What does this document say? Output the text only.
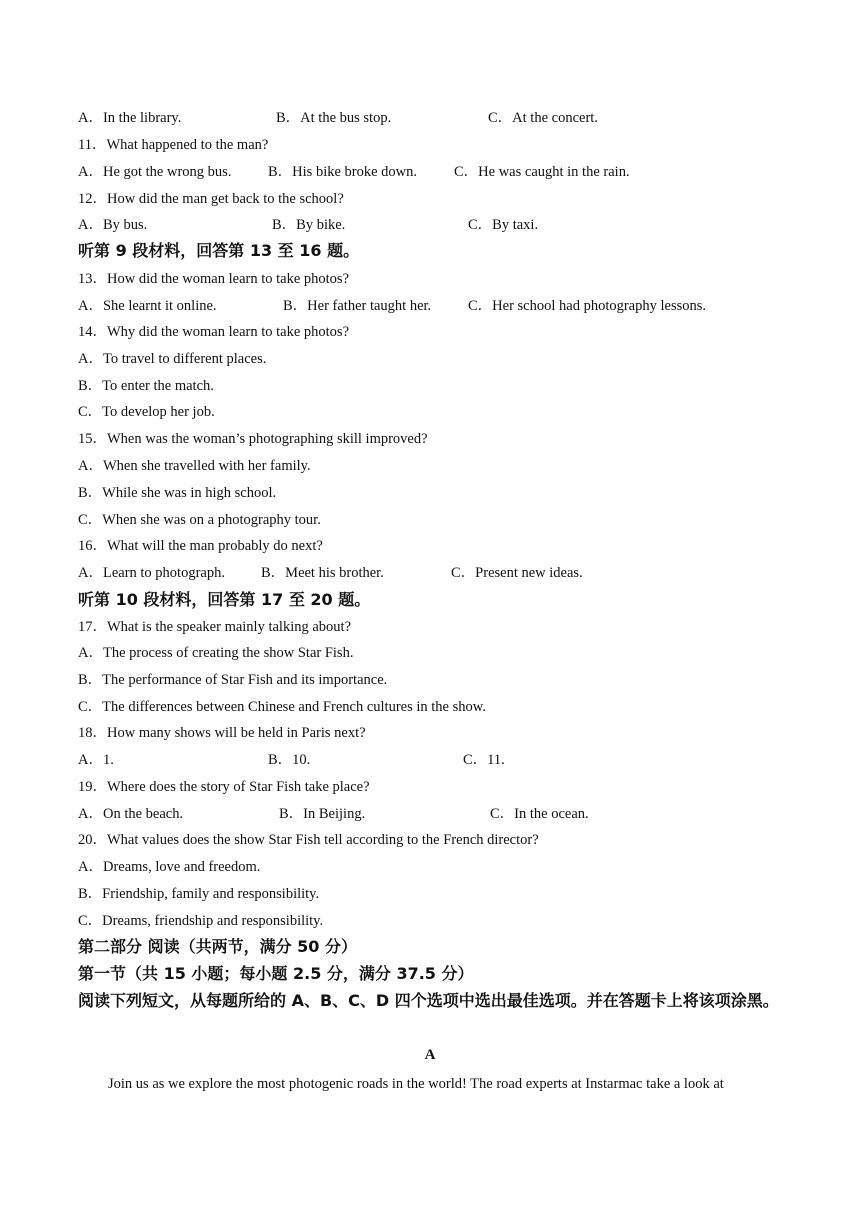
A．In the library.	B．At the bus stop.	C．At the concert.
11．What happened to the man?
A．He got the wrong bus.	B．His bike broke down.	C．He was caught in the rain.
12．How did the man get back to the school?
A．By bus.	B．By bike.	C．By taxi.
听第 9 段材料，回答第 13 至 16 题。
13．How did the woman learn to take photos?
A．She learnt it online.	B．Her father taught her.	C．Her school had photography lessons.
14．Why did the woman learn to take photos?
A．To travel to different places.
B．To enter the match.
C．To develop her job.
15．When was the woman’s photographing skill improved?
A．When she travelled with her family.
B．While she was in high school.
C．When she was on a photography tour.
16．What will the man probably do next?
A．Learn to photograph. B．Meet his brother.	C．Present new ideas.
听第 10 段材料，回答第 17 至 20 题。
17．What is the speaker mainly talking about?
A．The process of creating the show Star Fish.
B．The performance of Star Fish and its importance.
C．The differences between Chinese and French cultures in the show.
18．How many shows will be held in Paris next?
A．1.	B．10.	C．11.
19．Where does the story of Star Fish take place?
A．On the beach.	B．In Beijing.	C．In the ocean.
20．What values does the show Star Fish tell according to the French director?
A．Dreams, love and freedom.
B．Friendship, family and responsibility.
C．Dreams, friendship and responsibility.
第二部分 阅读（共两节，满分 50 分）
第一节（共 15 小题；每小题 2.5 分，满分 37.5 分）
阅读下列短文，从每题所给的 A、B、C、D 四个选项中选出最佳选项。并在答题卡上将该项涂黑。
A
Join us as we explore the most photogenic roads in the world! The road experts at Instarmac take a look at
